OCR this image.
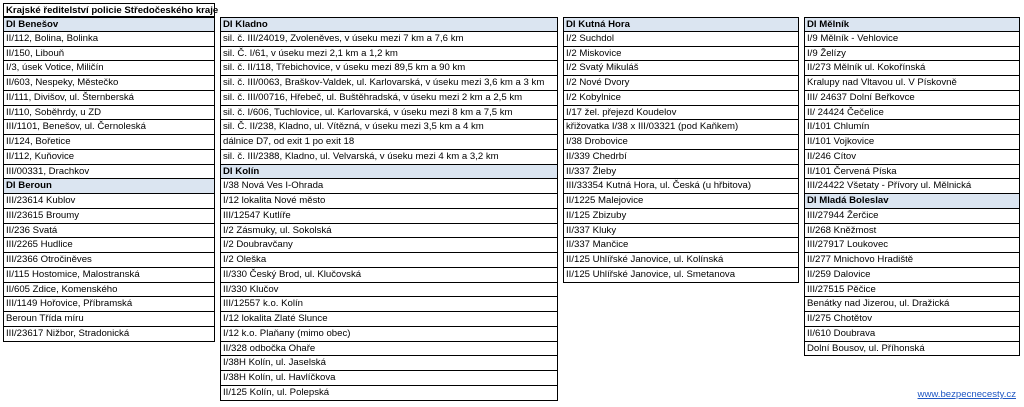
Krajské ředitelství policie Středočeského kraje
DI Benešov
II/112, Bolina, Bolinka
II/150, Libouň
I/3, úsek Votice, Miličín
II/603, Nespeky, Městečko
II/111, Divišov, ul. Šternberská
II/110, Soběhrdy, u ZD
III/1101, Benešov, ul. Černoleská
II/124, Bořetice
II/112, Kuňovice
III/00331, Drachkov
DI Beroun
III/23614 Kublov
III/23615 Broumy
II/236 Svatá
III/2265 Hudlice
III/2366 Otročiněves
II/115 Hostomice, Malostranská
II/605 Zdice, Komenského
III/1149 Hořovice, Příbramská
Beroun Třída míru
III/23617 Nižbor, Stradonická
DI Kladno
sil. č. III/24019, Zvoleněves, v úseku mezi 7 km a 7,6 km
sil. Č. I/61, v úseku mezi 2,1 km a 1,2 km
sil. č. II/118, Třebichovice, v úseku mezi 89,5 km a 90 km
sil. č. III/0063, Braškov-Valdek, ul. Karlovarská, v úseku mezi 3,6 km a 3 km
sil. č. III/00716, Hřebeč, ul. Buštěhradská, v úseku mezi 2 km a 2,5 km
sil. č. I/606, Tuchlovice, ul. Karlovarská, v úseku mezi 8 km a 7,5 km
sil. Č. II/238, Kladno, ul. Vítězná, v úseku mezi 3,5 km a 4 km
dálnice D7, od exit 1 po exit 18
sil. č. III/2388, Kladno, ul. Velvarská, v úseku mezi 4 km a 3,2 km
DI Kolín
I/38 Nová Ves I-Ohrada
I/12 lokalita Nové město
III/12547 Kutlíře
I/2 Zásmuky, ul. Sokolská
I/2 Doubravčany
I/2 Oleška
II/330 Český Brod, ul. Klučovská
II/330 Klučov
III/12557 k.o. Kolín
I/12 lokalita Zlaté Slunce
I/12 k.o. Plaňany (mimo obec)
II/328 odbočka Ohaře
I/38H Kolín, ul. Jaselská
I/38H Kolín, ul. Havlíčkova
II/125 Kolín, ul. Polepská
DI Kutná Hora
I/2 Suchdol
I/2 Miskovice
I/2 Svatý Mikuláš
I/2 Nové Dvory
I/2 Kobylnice
I/17 žel. přejezd Koudelov
křižovatka I/38 x III/03321 (pod Kaňkem)
I/38 Drobovice
II/339 Chedrbí
II/337 Žleby
III/33354 Kutná Hora, ul. Česká (u hřbitova)
II/1225 Malejovice
II/125 Zbizuby
II/337 Kluky
II/337 Mančice
II/125 Uhlířské Janovice, ul. Kolínská
II/125 Uhlířské Janovice, ul. Smetanova
DI Mělník
I/9 Mělník - Vehlovice
I/9 Želízy
II/273 Mělník ul. Kokořínská
Kralupy nad Vltavou ul. V Pískovně
III/ 24637 Dolní Beřkovce
II/ 24424 Čečelice
II/101 Chlumín
II/101 Vojkovice
II/246 Cítov
II/101 Červená Píska
III/24422 Všetaty - Přívory ul. Mělnická
DI Mladá Boleslav
III/27944 Žerčice
II/268 Kněžmost
III/27917 Loukovec
II/277 Mnichovo Hradiště
II/259 Dalovice
III/27515 Pěčice
Benátky nad Jizerou, ul. Dražická
II/275 Chotětov
II/610 Doubrava
Dolní Bousov, ul. Příhonská
www.bezpecnecesty.cz
